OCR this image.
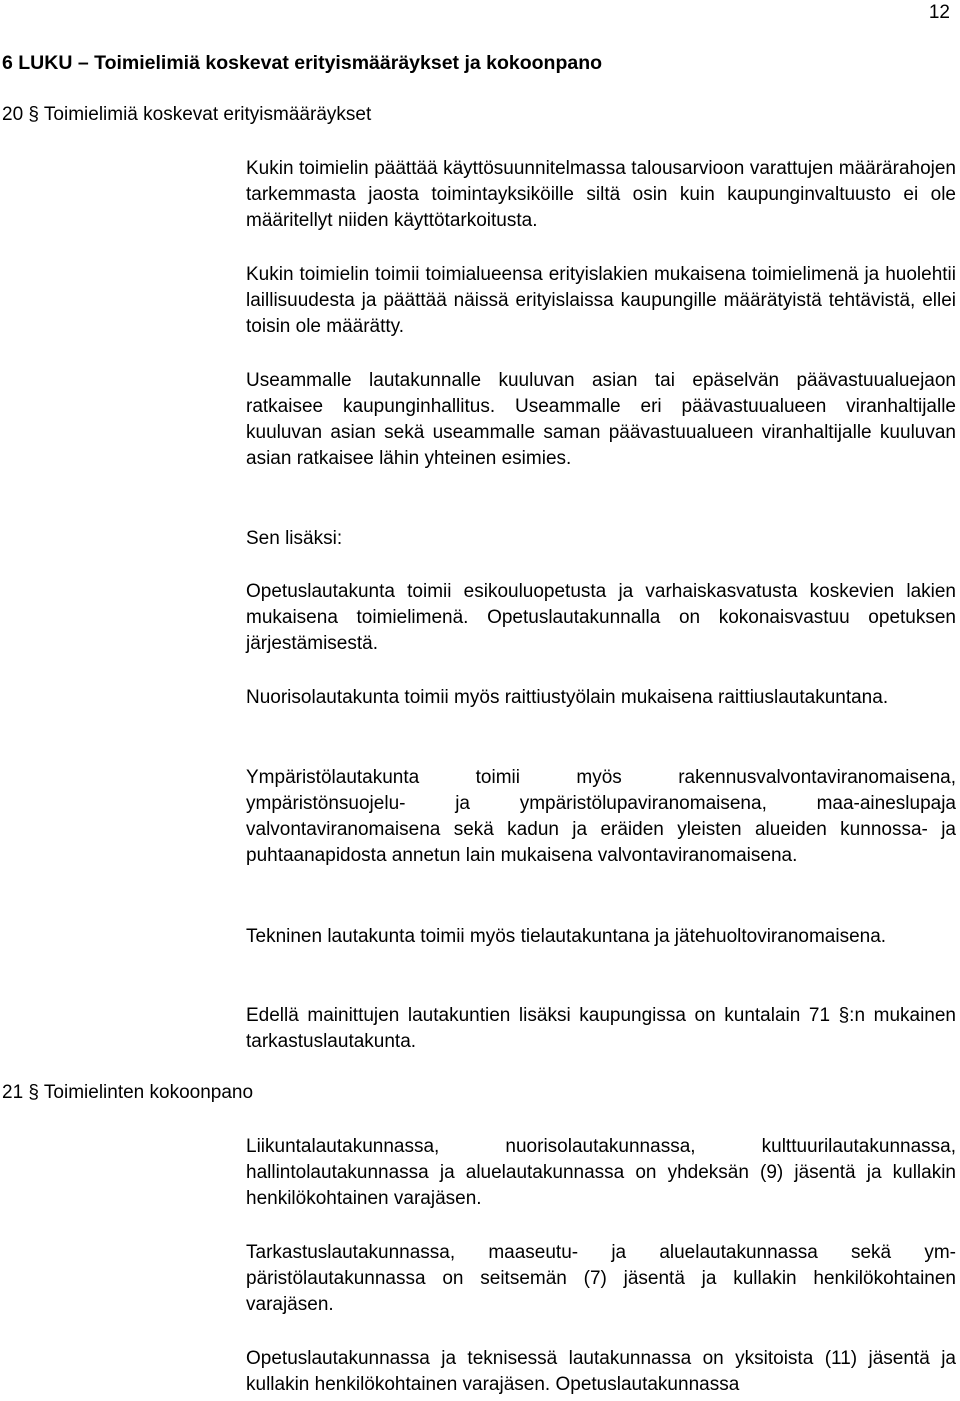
12
6 LUKU – Toimielimiä koskevat erityismääräykset ja kokoonpano
20 § Toimielimiä koskevat erityismääräykset

Kukin toimielin päättää käyttösuunnitelmassa talousarvioon varattujen määrärahojen tarkemmasta jaosta toimintayksiköille siltä osin kuin kaupunginvaltuusto ei ole määritellyt niiden käyttötarkoitusta.

Kukin toimielin toimii toimialueensa erityislakien mukaisena toimielimenä ja huolehtii laillisuudesta ja päättää näissä erityislaissa kaupungille määrätyistä tehtävistä, ellei toisin ole määrätty.

Useammalle lautakunnalle kuuluvan asian tai epäselvän päävastuualuejaon ratkaisee kaupunginhallitus. Useammalle eri päävastuualueen viranhaltijalle kuuluvan asian sekä useammalle saman päävastuualueen viranhaltijalle kuuluvan asian ratkaisee lähin yhteinen esimies.

Sen lisäksi:

Opetuslautakunta toimii esikouluopetusta ja varhaiskasvatusta koskevien lakien mukaisena toimielimenä. Opetuslautakunnalla on kokonaisvastuu opetuksen järjestämisestä.

Nuorisolautakunta toimii myös raittiustyölain mukaisena raittiuslautakuntana.

Ympäristölautakunta toimii myös rakennusvalvontaviranomaisena, ympäristönsuojelu- ja ympäristölupaviranomaisena, maa-aineslupaja valvontaviranomaisena sekä kadun ja eräiden yleisten alueiden kunnossa- ja puhtaanapidosta annetun lain mukaisena valvontaviranomaisena.

Tekninen lautakunta toimii myös tielautakuntana ja jätehuoltoviranomaisena.

Edellä mainittujen lautakuntien lisäksi kaupungissa on kuntalain 71 §:n mukainen tarkastuslautakunta.

21 § Toimielinten kokoonpano

Liikuntalautakunnassa, nuorisolautakunnassa, kulttuurilautakunnassa, hallintolautakunnassa ja aluelautakunnassa on yhdeksän (9) jäsentä ja kullakin henkilökohtainen varajäsen.

Tarkastuslautakunnassa, maaseutu- ja aluelautakunnassa sekä ympäristölautakunnassa on seitsemän (7) jäsentä ja kullakin henkilökohtainen varajäsen.

Opetuslautakunnassa ja teknisessä lautakunnassa on yksitoista (11) jäsentä ja kullakin henkilökohtainen varajäsen. Opetuslautakunnassa
